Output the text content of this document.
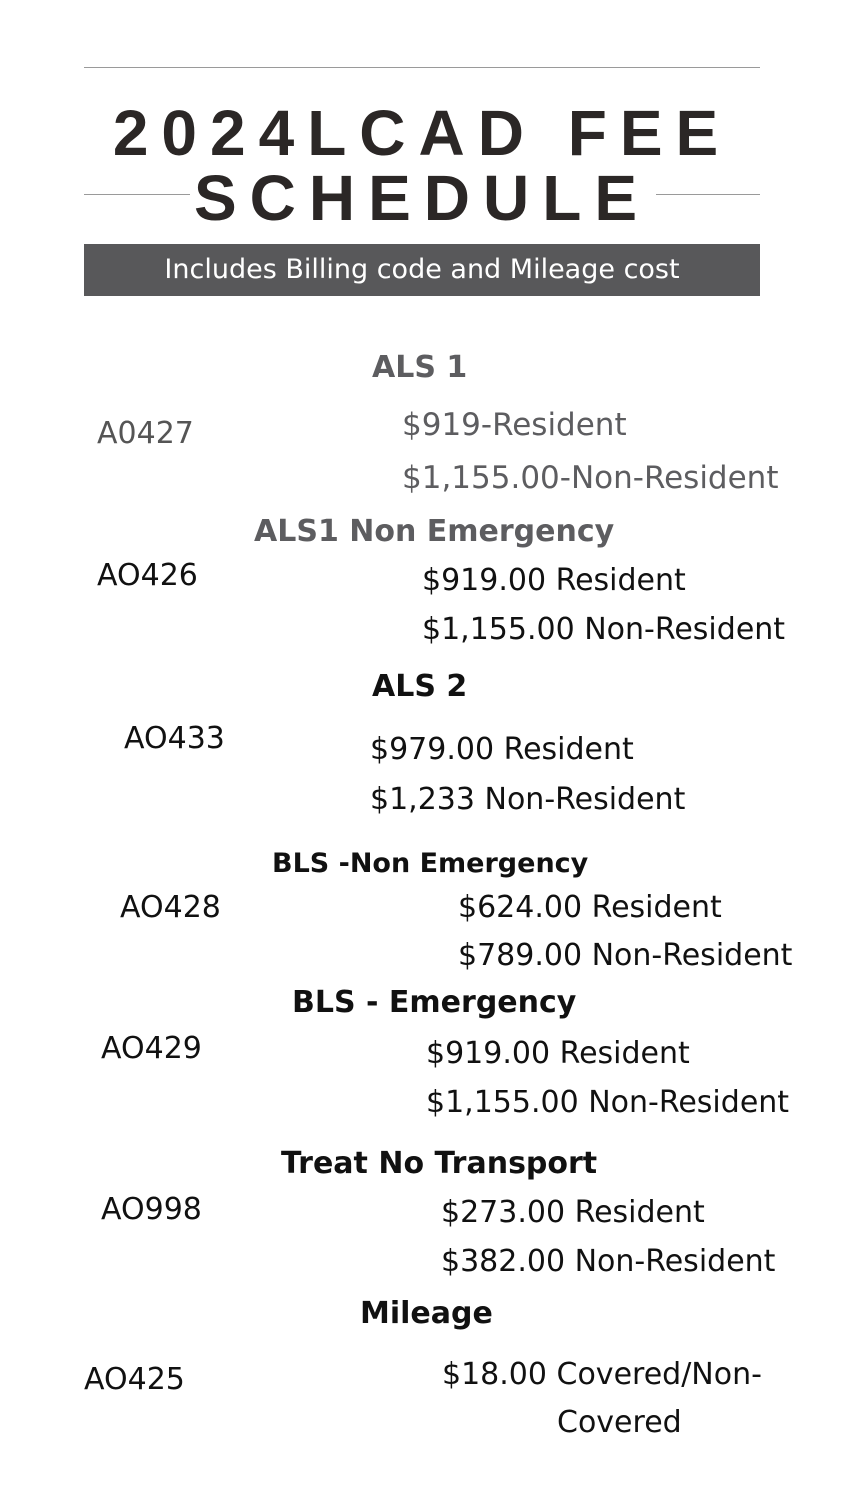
2024LCAD FEE
SCHEDULE
Includes Billing code and Mileage cost
ALS 1
A0427	$919-Resident
$1,155.00-Non-Resident
ALS1 Non Emergency
AO426	$919.00 Resident
$1,155.00 Non-Resident
ALS 2
AO433	$979.00 Resident
$1,233 Non-Resident
BLS -Non Emergency
AO428	$624.00 Resident
$789.00 Non-Resident
BLS - Emergency
AO429	$919.00 Resident
$1,155.00 Non-Resident
Treat No Transport
AO998	$273.00 Resident
$382.00 Non-Resident
Mileage
AO425	$18.00 Covered/Non-
Covered
